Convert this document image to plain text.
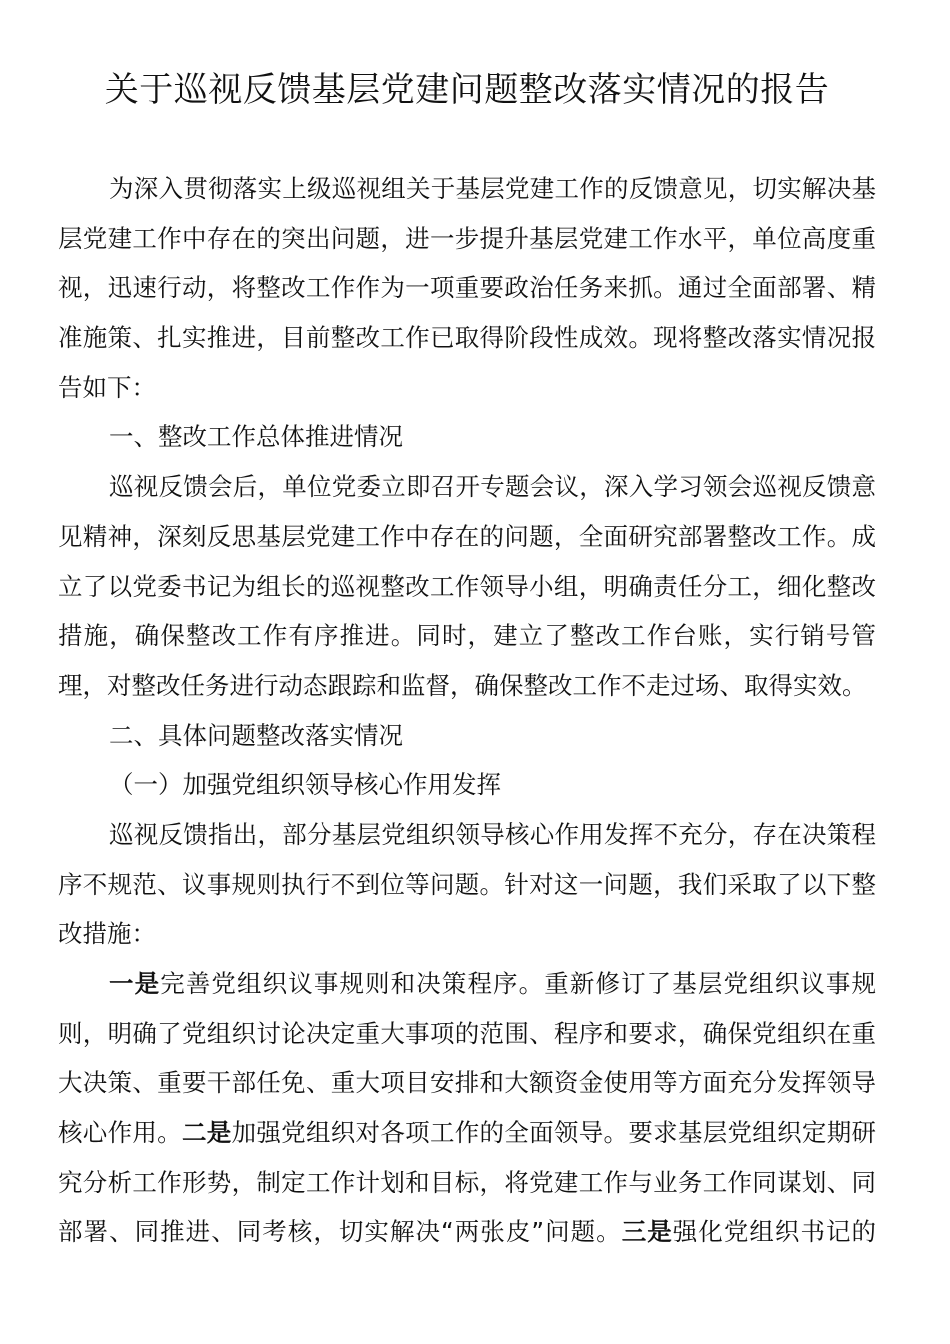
关于巡视反馈基层党建问题整改落实情况的报告
为深入贯彻落实上级巡视组关于基层党建工作的反馈意见，切实解决基
层党建工作中存在的突出问题，进一步提升基层党建工作水平，单位高度重
视，迅速行动，将整改工作作为一项重要政治任务来抓。通过全面部署、精
准施策、扎实推进，目前整改工作已取得阶段性成效。现将整改落实情况报
告如下：
一、整改工作总体推进情况
巡视反馈会后，单位党委立即召开专题会议，深入学习领会巡视反馈意
见精神，深刻反思基层党建工作中存在的问题，全面研究部署整改工作。成
立了以党委书记为组长的巡视整改工作领导小组，明确责任分工，细化整改
措施，确保整改工作有序推进。同时，建立了整改工作台账，实行销号管
理，对整改任务进行动态跟踪和监督，确保整改工作不走过场、取得实效。
二、具体问题整改落实情况
（一）加强党组织领导核心作用发挥
巡视反馈指出，部分基层党组织领导核心作用发挥不充分，存在决策程
序不规范、议事规则执行不到位等问题。针对这一问题，我们采取了以下整
改措施：
一是完善党组织议事规则和决策程序。重新修订了基层党组织议事规
则，明确了党组织讨论决定重大事项的范围、程序和要求，确保党组织在重
大决策、重要干部任免、重大项目安排和大额资金使用等方面充分发挥领导
核心作用。二是加强党组织对各项工作的全面领导。要求基层党组织定期研
究分析工作形势，制定工作计划和目标，将党建工作与业务工作同谋划、同
部署、同推进、同考核，切实解决“两张皮”问题。三是强化党组织书记的
